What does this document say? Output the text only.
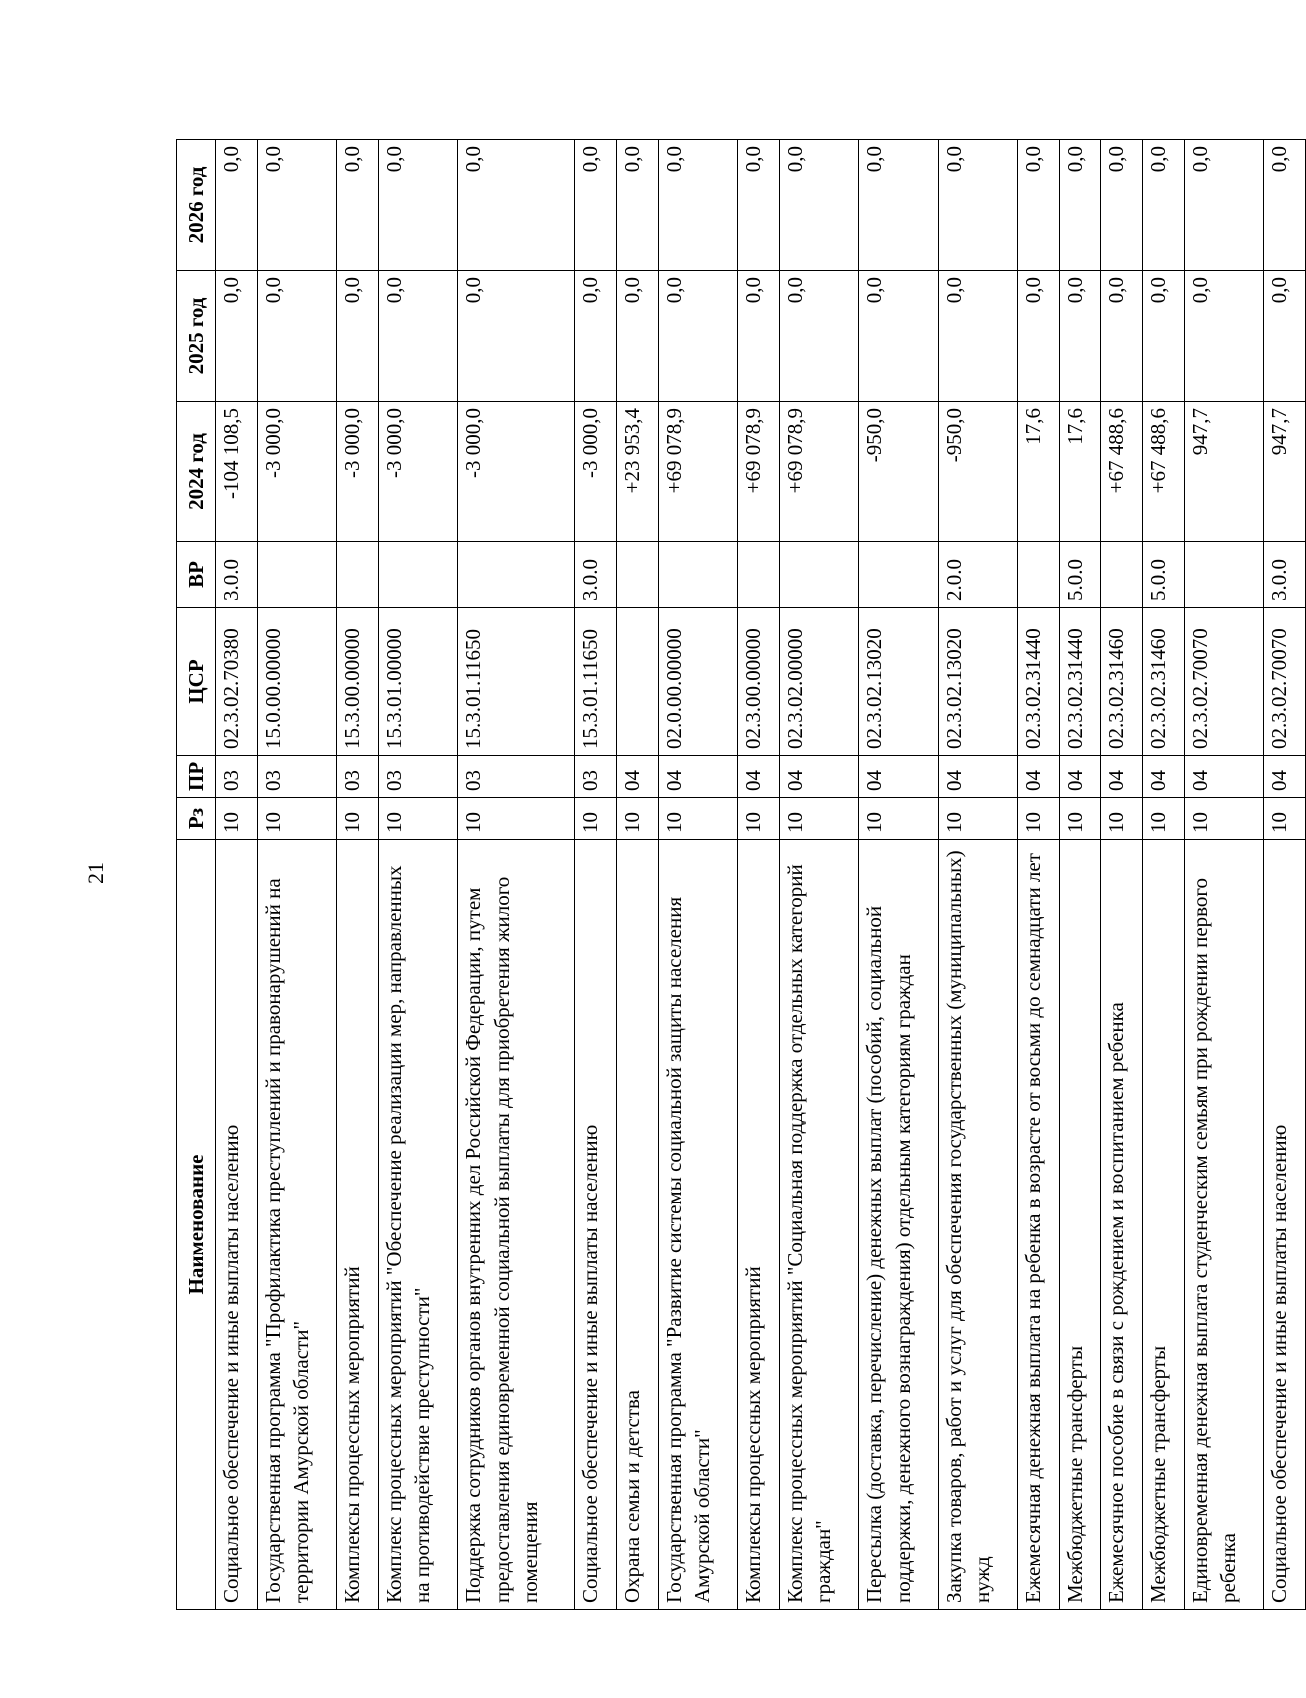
21
Наименование	Рз	ПР	ЦСР	ВР	2024 год	2025 год	2026 год
Социальное обеспечение и иные выплаты населению	10	03	02.3.02.70380	3.0.0	-104 108,5	0,0	0,0
Государственная программа "Профилактика преступлений и правонарушений на территории Амурской области"	10	03	15.0.00.00000		-3 000,0	0,0	0,0
Комплексы процессных мероприятий	10	03	15.3.00.00000		-3 000,0	0,0	0,0
Комплекс процессных мероприятий "Обеспечение реализации мер, направленных на противодействие преступности"	10	03	15.3.01.00000		-3 000,0	0,0	0,0
Поддержка сотрудников органов внутренних дел Российской Федерации, путем предоставления единовременной социальной выплаты для приобретения жилого помещения	10	03	15.3.01.11650		-3 000,0	0,0	0,0
Социальное обеспечение и иные выплаты населению	10	03	15.3.01.11650	3.0.0	-3 000,0	0,0	0,0
Охрана семьи и детства	10	04			+23 953,4	0,0	0,0
Государственная программа "Развитие системы социальной защиты населения Амурской области"	10	04	02.0.00.00000		+69 078,9	0,0	0,0
Комплексы процессных мероприятий	10	04	02.3.00.00000		+69 078,9	0,0	0,0
Комплекс процессных мероприятий "Социальная поддержка отдельных категорий граждан"	10	04	02.3.02.00000		+69 078,9	0,0	0,0
Пересылка (доставка, перечисление) денежных выплат (пособий, социальной поддержки, денежного вознаграждения) отдельным категориям граждан	10	04	02.3.02.13020		-950,0	0,0	0,0
Закупка товаров, работ и услуг для обеспечения государственных (муниципальных) нужд	10	04	02.3.02.13020	2.0.0	-950,0	0,0	0,0
Ежемесячная денежная выплата на ребенка в возрасте от восьми до семнадцати лет	10	04	02.3.02.31440		17,6	0,0	0,0
Межбюджетные трансферты	10	04	02.3.02.31440	5.0.0	17,6	0,0	0,0
Ежемесячное пособие в связи с рождением и воспитанием ребенка	10	04	02.3.02.31460		+67 488,6	0,0	0,0
Межбюджетные трансферты	10	04	02.3.02.31460	5.0.0	+67 488,6	0,0	0,0
Единовременная денежная выплата студенческим семьям при рождении первого ребенка	10	04	02.3.02.70070		947,7	0,0	0,0
Социальное обеспечение и иные выплаты населению	10	04	02.3.02.70070	3.0.0	947,7	0,0	0,0
